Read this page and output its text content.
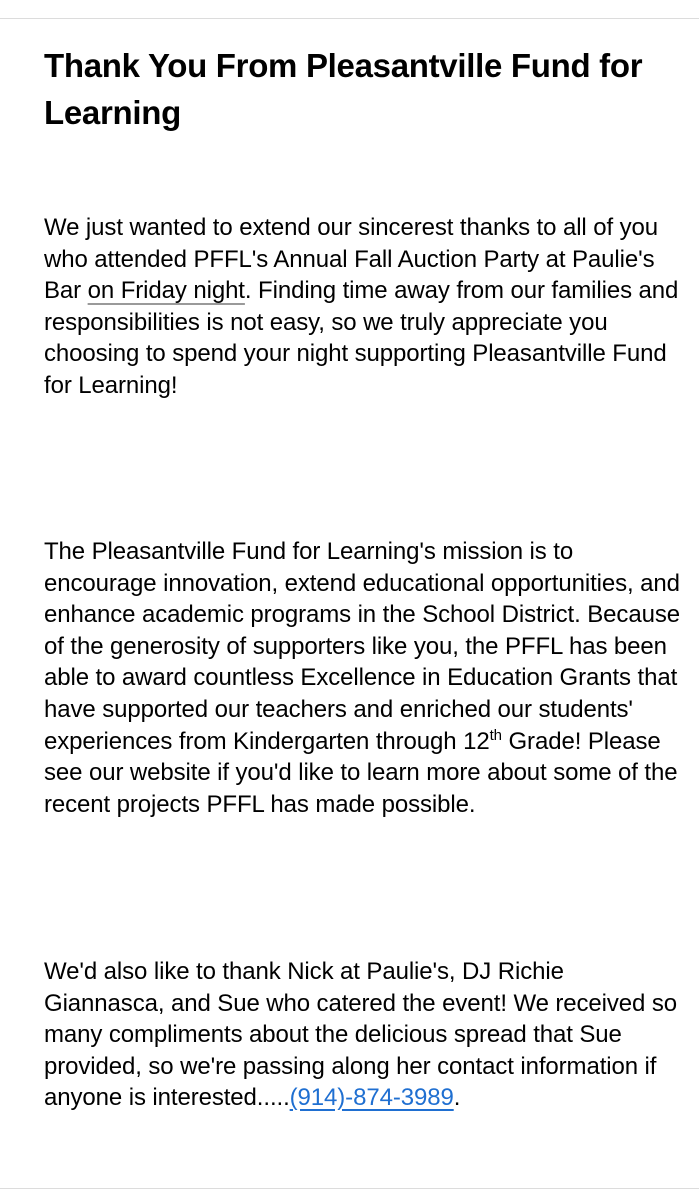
Thank You From Pleasantville Fund for Learning

We just wanted to extend our sincerest thanks to all of you who attended PFFL's Annual Fall Auction Party at Paulie's Bar on Friday night. Finding time away from our families and responsibilities is not easy, so we truly appreciate you choosing to spend your night supporting Pleasantville Fund for Learning!

The Pleasantville Fund for Learning's mission is to encourage innovation, extend educational opportunities, and enhance academic programs in the School District. Because of the generosity of supporters like you, the PFFL has been able to award countless Excellence in Education Grants that have supported our teachers and enriched our students' experiences from Kindergarten through 12th Grade! Please see our website if you'd like to learn more about some of the recent projects PFFL has made possible.

We'd also like to thank Nick at Paulie's, DJ Richie Giannasca, and Sue who catered the event! We received so many compliments about the delicious spread that Sue provided, so we're passing along her contact information if anyone is interested.....(914)-874-3989.
